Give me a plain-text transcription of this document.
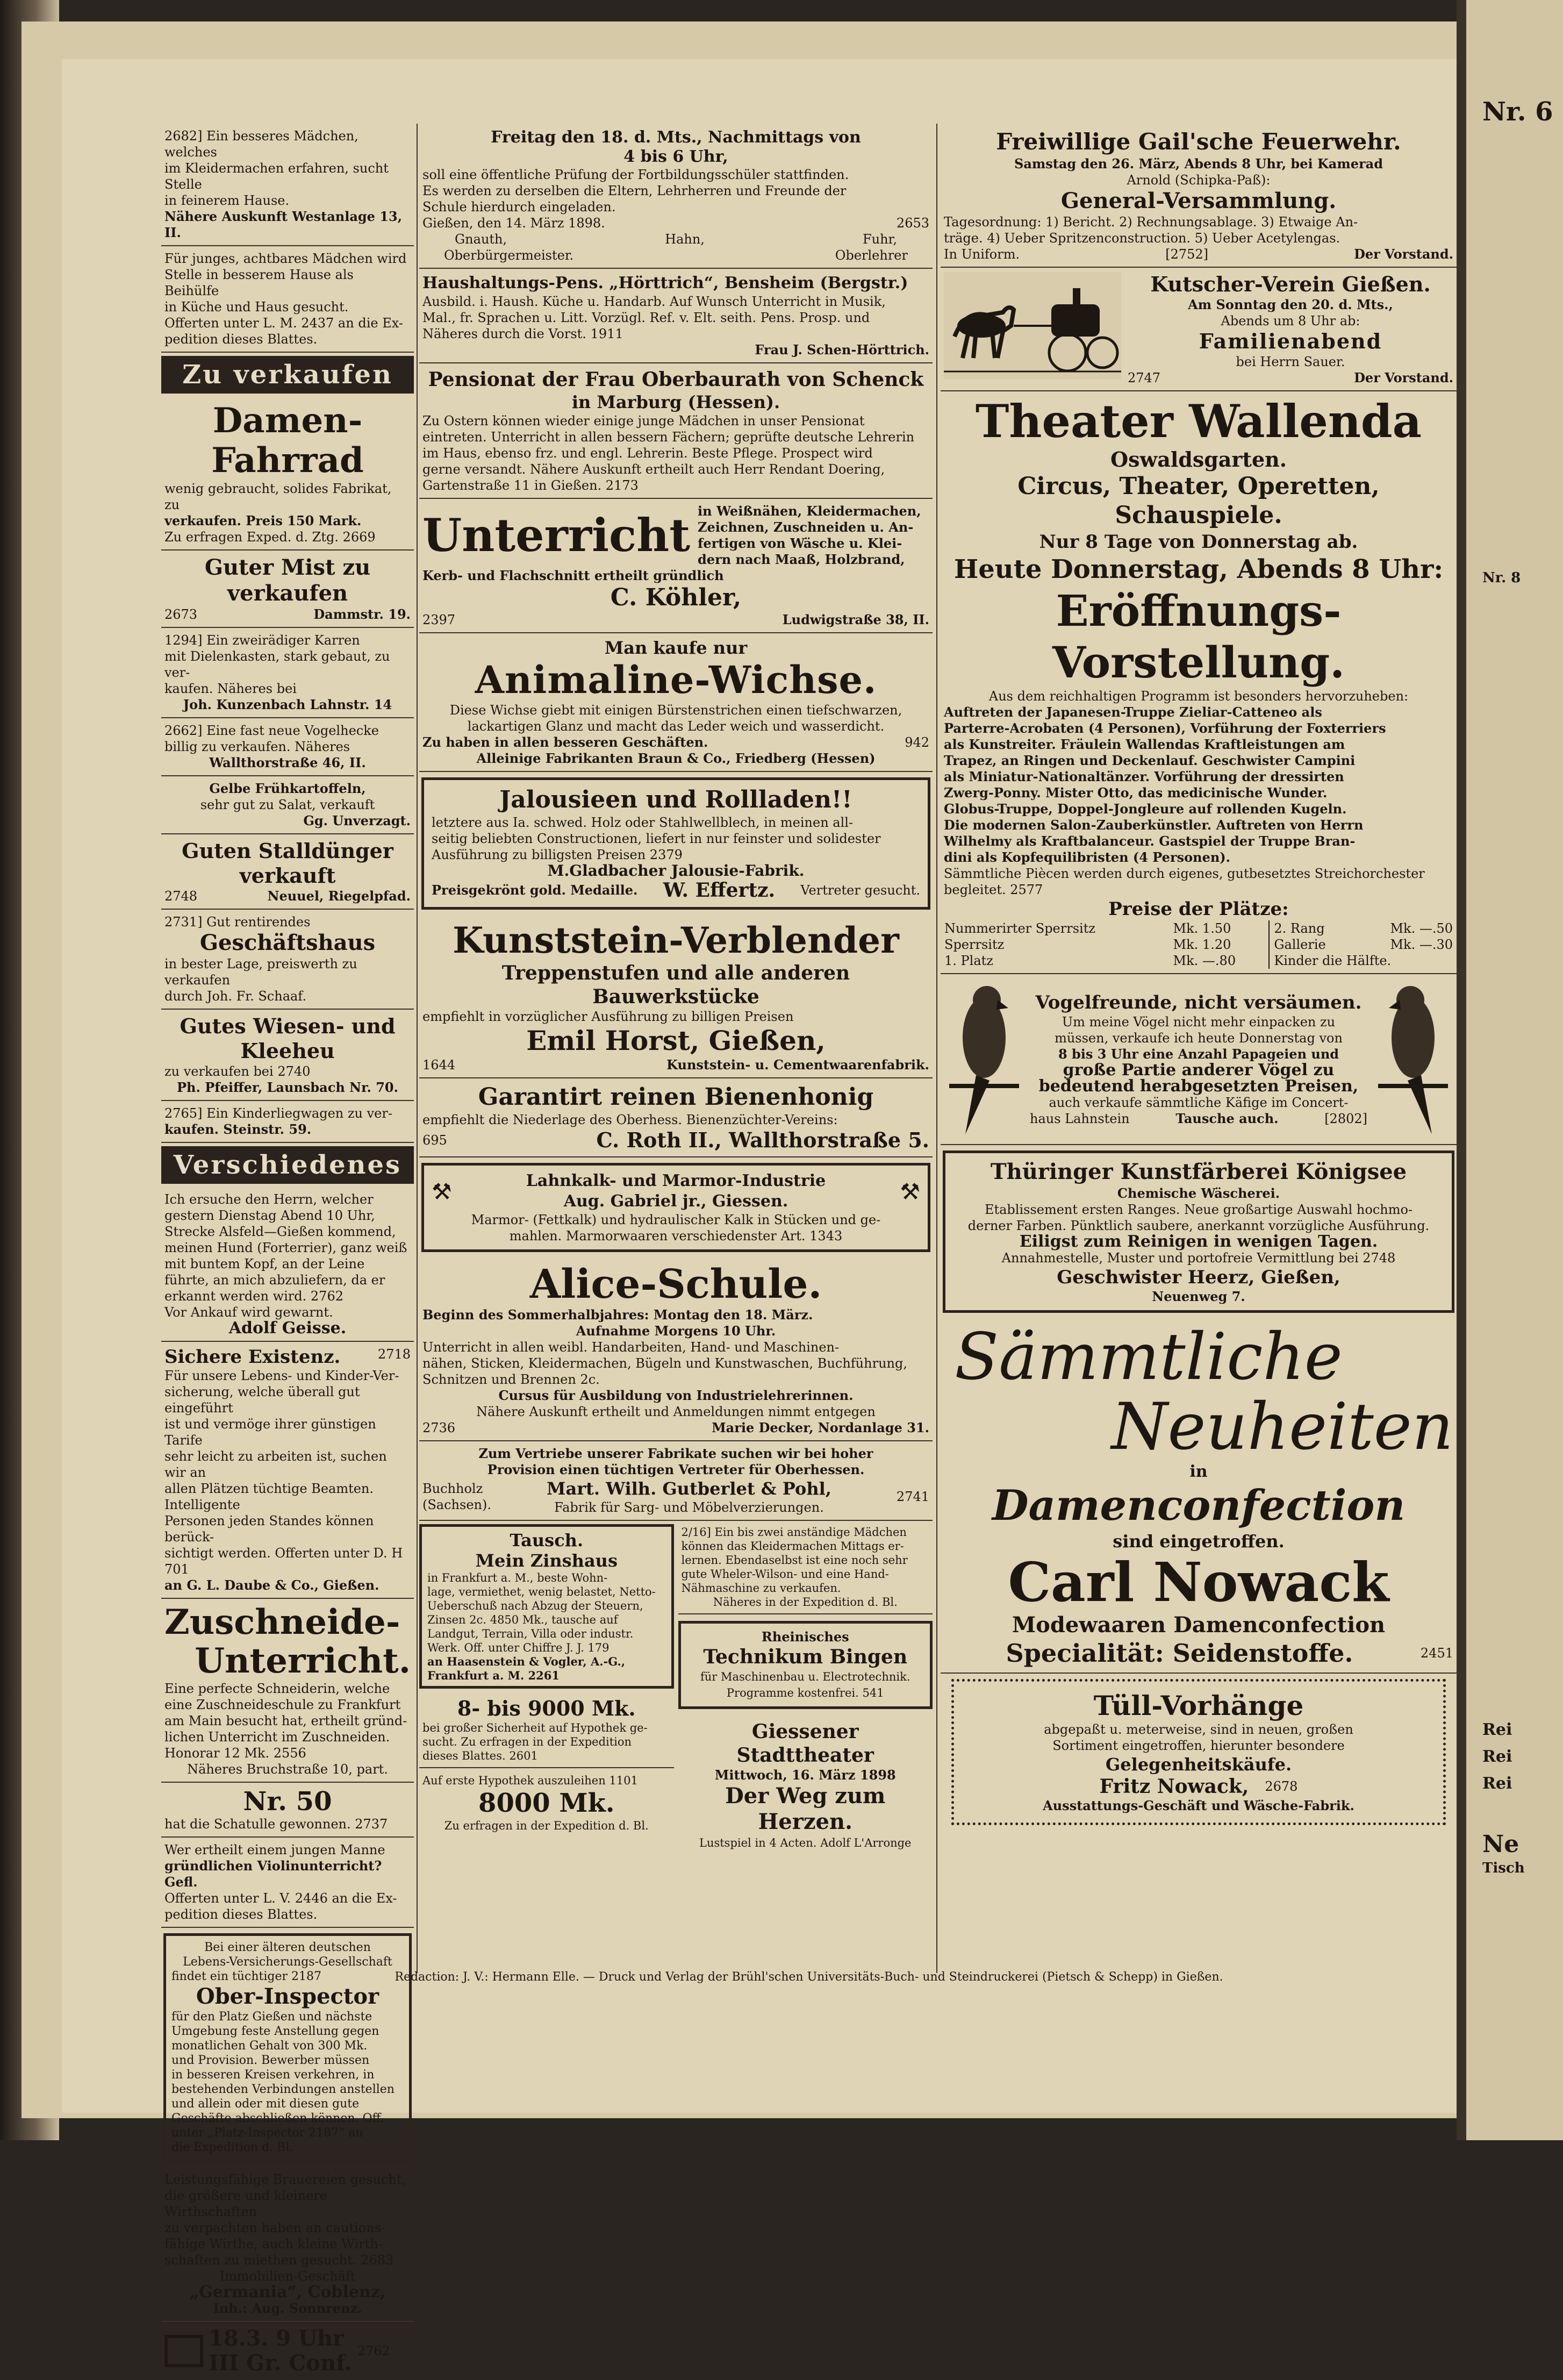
Nr. 6
Nr. 8
Rei
Rei
Rei
Ne
Tisch

2682] Ein besseres Mädchen, welches

im Kleidermachen erfahren, sucht Stelle

in feinerem Hause.

Nähere Auskunft Westanlage 13, II.

Für junges, achtbares Mädchen wird

Stelle in besserem Hause als Beihülfe

in Küche und Haus gesucht.

Offerten unter L. M. 2437 an die Ex-

pedition dieses Blattes.

Zu verkaufen
Damen-Fahrrad

wenig gebraucht, solides Fabrikat, zu

verkaufen. Preis 150 Mark.

Zu erfragen Exped. d. Ztg. 2669

Guter Mist zu verkaufen
2673	Dammstr. 19.

1294] Ein zweirädiger Karren

mit Dielenkasten, stark gebaut, zu ver-

kaufen. Näheres bei

Joh. Kunzenbach Lahnstr. 14

2662] Eine fast neue Vogelhecke

billig zu verkaufen. Näheres

Wallthorstraße 46, II.

Gelbe Frühkartoffeln,

sehr gut zu Salat, verkauft

Gg. Unverzagt.

Guten Stalldünger verkauft
2748	Neuuel, Riegelpfad.

2731] Gut rentirendes

Geschäftshaus

in bester Lage, preiswerth zu verkaufen

durch Joh. Fr. Schaaf.

Gutes Wiesen- und Kleeheu

zu verkaufen bei 2740

Ph. Pfeiffer, Launsbach Nr. 70.

2765] Ein Kinderliegwagen zu ver-

kaufen. Steinstr. 59.

Verschiedenes

Ich ersuche den Herrn, welcher

gestern Dienstag Abend 10 Uhr,

Strecke Alsfeld—Gießen kommend,

meinen Hund (Forterrier), ganz weiß

mit buntem Kopf, an der Leine

führte, an mich abzuliefern, da er

erkannt werden wird. 2762

Vor Ankauf wird gewarnt.

Adolf Geisse.

Sichere Existenz.	2718

Für unsere Lebens- und Kinder-Ver-

sicherung, welche überall gut eingeführt

ist und vermöge ihrer günstigen Tarife

sehr leicht zu arbeiten ist, suchen wir an

allen Plätzen tüchtige Beamten. Intelligente

Personen jeden Standes können berück-

sichtigt werden. Offerten unter D. H 701

an G. L. Daube & Co., Gießen.

Zuschneide-
Unterricht.

Eine perfecte Schneiderin, welche

eine Zuschneideschule zu Frankfurt

am Main besucht hat, ertheilt gründ-

lichen Unterricht im Zuschneiden.

Honorar 12 Mk. 2556

Näheres Bruchstraße 10, part.

Nr. 50

hat die Schatulle gewonnen. 2737

Wer ertheilt einem jungen Manne

gründlichen Violinunterricht? Gefl.

Offerten unter L. V. 2446 an die Ex-

pedition dieses Blattes.

Bei einer älteren deutschen

Lebens-Versicherungs-Gesellschaft

findet ein tüchtiger 2187

Ober-Inspector

für den Platz Gießen und nächste

Umgebung feste Anstellung gegen

monatlichen Gehalt von 300 Mk.

und Provision. Bewerber müssen

in besseren Kreisen verkehren, in

bestehenden Verbindungen anstellen

und allein oder mit diesen gute

Geschäfte abschließen können. Off.

unter „Platz-Inspector 2187“ an

die Expedition d. Bl.

Leistungsfähige Brauereien gesucht,

die größere und kleinere Wirthschaften

zu verpachten haben an cautions-

fähige Wirthe, auch kleine Wirth-

schaften zu miethen gesucht. 2683

Immobilien-Geschäft

„Germania“, Coblenz,

Inh.: Aug. Sonnrenz.

18.3. 9 Uhr
III Gr. Conf. 2762
Freitag den 18. d. Mts., Nachmittags von
4 bis 6 Uhr,

soll eine öffentliche Prüfung der Fortbildungsschüler stattfinden.

Es werden zu derselben die Eltern, Lehrherren und Freunde der

Schule hierdurch eingeladen.

Gießen, den 14. März 1898.	2653
Gnauth,	Hahn,	Fuhr,
Oberbürgermeister.	Oberlehrer
Haushaltungs-Pens. „Hörttrich“, Bensheim (Bergstr.)

Ausbild. i. Haush. Küche u. Handarb. Auf Wunsch Unterricht in Musik,

Mal., fr. Sprachen u. Litt. Vorzügl. Ref. v. Elt. seith. Pens. Prosp. und

Näheres durch die Vorst. 1911

Frau J. Schen-Hörttrich.

Pensionat der Frau Oberbaurath von Schenck
in Marburg (Hessen).

Zu Ostern können wieder einige junge Mädchen in unser Pensionat

eintreten. Unterricht in allen bessern Fächern; geprüfte deutsche Lehrerin

im Haus, ebenso frz. und engl. Lehrerin. Beste Pflege. Prospect wird

gerne versandt. Nähere Auskunft ertheilt auch Herr Rendant Doering,

Gartenstraße 11 in Gießen. 2173

Unterricht in Weißnähen, Kleidermachen,

Zeichnen, Zuschneiden u. An-

fertigen von Wäsche u. Klei-

dern nach Maaß, Holzbrand,

Kerb- und Flachschnitt ertheilt gründlich

C. Köhler,
2397	Ludwigstraße 38, II.
Man kaufe nur
Animaline-Wichse.

Diese Wichse giebt mit einigen Bürstenstrichen einen tiefschwarzen,

lackartigen Glanz und macht das Leder weich und wasserdicht.

Zu haben in allen besseren Geschäften.	942

Alleinige Fabrikanten Braun & Co., Friedberg (Hessen)

Jalousieen und Rollladen!!

letztere aus Ia. schwed. Holz oder Stahlwellblech, in meinen all-

seitig beliebten Constructionen, liefert in nur feinster und solidester

Ausführung zu billigsten Preisen 2379

M.Gladbacher Jalousie-Fabrik.

Preisgekrönt gold. Medaille. W. Effertz. Vertreter gesucht.
Kunststein-Verblender
Treppenstufen und alle anderen Bauwerkstücke

empfiehlt in vorzüglicher Ausführung zu billigen Preisen

Emil Horst, Gießen,
1644	Kunststein- u. Cementwaarenfabrik.
Garantirt reinen Bienenhonig

empfiehlt die Niederlage des Oberhess. Bienenzüchter-Vereins:

695	C. Roth II., Wallthorstraße 5.
⚒	Lahnkalk- und Marmor-Industrie
Aug. Gabriel jr., Giessen.	⚒

Marmor- (Fettkalk) und hydraulischer Kalk in Stücken und ge-

mahlen. Marmorwaaren verschiedenster Art. 1343

Alice-Schule.

Beginn des Sommerhalbjahres: Montag den 18. März.

Aufnahme Morgens 10 Uhr.

Unterricht in allen weibl. Handarbeiten, Hand- und Maschinen-

nähen, Sticken, Kleidermachen, Bügeln und Kunstwaschen, Buchführung,

Schnitzen und Brennen 2c.

Cursus für Ausbildung von Industrielehrerinnen.

Nähere Auskunft ertheilt und Anmeldungen nimmt entgegen

2736	Marie Decker, Nordanlage 31.

Zum Vertriebe unserer Fabrikate suchen wir bei hoher

Provision einen tüchtigen Vertreter für Oberhessen.

Buchholz (Sachsen).
Mart. Wilh. Gutberlet & Pohl,
Fabrik für Sarg- und Möbelverzierungen.
2741
Tausch.
Mein Zinshaus

in Frankfurt a. M., beste Wohn-

lage, vermiethet, wenig belastet, Netto-

Ueberschuß nach Abzug der Steuern,

Zinsen 2c. 4850 Mk., tausche auf

Landgut, Terrain, Villa oder industr.

Werk. Off. unter Chiffre J. J. 179

an Haasenstein & Vogler, A.-G.,

Frankfurt a. M. 2261

8- bis 9000 Mk.

bei großer Sicherheit auf Hypothek ge-

sucht. Zu erfragen in der Expedition

dieses Blattes. 2601

Auf erste Hypothek auszuleihen 1101

8000 Mk.

Zu erfragen in der Expedition d. Bl.

2/16] Ein bis zwei anständige Mädchen

können das Kleidermachen Mittags er-

lernen. Ebendaselbst ist eine noch sehr

gute Wheler-Wilson- und eine Hand-

Nähmaschine zu verkaufen.

Näheres in der Expedition d. Bl.

Rheinisches

Technikum Bingen

für Maschinenbau u. Electrotechnik.

Programme kostenfrei. 541

Giessener Stadttheater

Mittwoch, 16. März 1898

Der Weg zum Herzen.

Lustspiel in 4 Acten. Adolf L'Arronge

Freiwillige Gail'sche Feuerwehr.

Samstag den 26. März, Abends 8 Uhr, bei Kamerad

Arnold (Schipka-Paß):

General-Versammlung.

Tagesordnung: 1) Bericht. 2) Rechnungsablage. 3) Etwaige An-

träge. 4) Ueber Spritzenconstruction. 5) Ueber Acetylengas.

In Uniform.	[2752]	Der Vorstand.
Kutscher-Verein Gießen.

Am Sonntag den 20. d. Mts.,

Abends um 8 Uhr ab:

Familienabend

bei Herrn Sauer.

2747	Der Vorstand.
Theater Wallenda
Oswaldsgarten.
Circus, Theater, Operetten, Schauspiele.
Nur 8 Tage von Donnerstag ab.
Heute Donnerstag, Abends 8 Uhr:
Eröffnungs-Vorstellung.

Aus dem reichhaltigen Programm ist besonders hervorzuheben:

Auftreten der Japanesen-Truppe Zieliar-Catteneo als

Parterre-Acrobaten (4 Personen), Vorführung der Foxterriers

als Kunstreiter. Fräulein Wallendas Kraftleistungen am

Trapez, an Ringen und Deckenlauf. Geschwister Campini

als Miniatur-Nationaltänzer. Vorführung der dressirten

Zwerg-Ponny. Mister Otto, das medicinische Wunder.

Globus-Truppe, Doppel-Jongleure auf rollenden Kugeln.

Die modernen Salon-Zauberkünstler. Auftreten von Herrn

Wilhelmy als Kraftbalanceur. Gastspiel der Truppe Bran-

dini als Kopfequilibristen (4 Personen).

Sämmtliche Piècen werden durch eigenes, gutbesetztes Streichorchester

begleitet. 2577

Preise der Plätze:
Nummerirter Sperrsitz	Mk. 1.50	2. Rang	Mk. —.50
Sperrsitz	Mk. 1.20	Gallerie	Mk. —.30
1. Platz	Mk. —.80	Kinder die Hälfte.	
Vogelfreunde, nicht versäumen.

Um meine Vögel nicht mehr einpacken zu

müssen, verkaufe ich heute Donnerstag von

8 bis 3 Uhr eine Anzahl Papageien und

große Partie anderer Vögel zu

bedeutend herabgesetzten Preisen,

auch verkaufe sämmtliche Käfige im Concert-

haus Lahnstein	Tausche auch.	[2802]
Thüringer Kunstfärberei Königsee

Chemische Wäscherei.

Etablissement ersten Ranges. Neue großartige Auswahl hochmo-

derner Farben. Pünktlich saubere, anerkannt vorzügliche Ausführung.

Eiligst zum Reinigen in wenigen Tagen.

Annahmestelle, Muster und portofreie Vermittlung bei 2748

Geschwister Heerz, Gießen,

Neuenweg 7.

Sämmtliche
Neuheiten
in
Damenconfection
sind eingetroffen.
Carl Nowack
Modewaaren Damenconfection
Specialität: Seidenstoffe.	2451
Tüll-Vorhänge

abgepaßt u. meterweise, sind in neuen, großen

Sortiment eingetroffen, hierunter besondere

Gelegenheitskäufe.
Fritz Nowack, 2678

Ausstattungs-Geschäft und Wäsche-Fabrik.

Redaction: J. V.: Hermann Elle. — Druck und Verlag der Brühl'schen Universitäts-Buch- und Steindruckerei (Pietsch & Schepp) in Gießen.
